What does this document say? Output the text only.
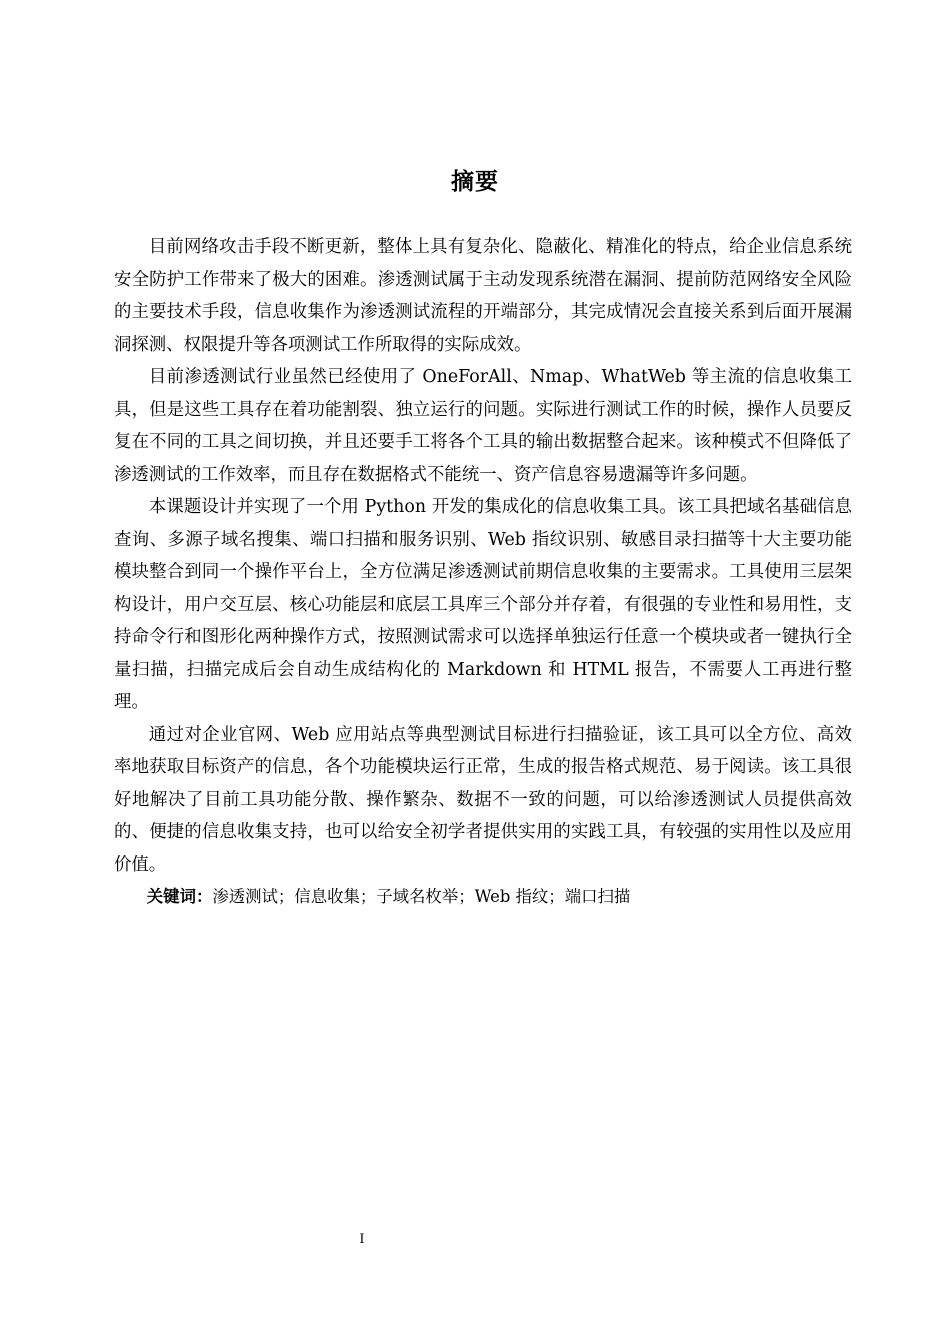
摘要

目前网络攻击手段不断更新，整体上具有复杂化、隐蔽化、精准化的特点，给企业信息系统安全防护工作带来了极大的困难。渗透测试属于主动发现系统潜在漏洞、提前防范网络安全风险的主要技术手段，信息收集作为渗透测试流程的开端部分，其完成情况会直接关系到后面开展漏洞探测、权限提升等各项测试工作所取得的实际成效。

目前渗透测试行业虽然已经使用了 OneForAll、Nmap、WhatWeb 等主流的信息收集工具，但是这些工具存在着功能割裂、独立运行的问题。实际进行测试工作的时候，操作人员要反复在不同的工具之间切换，并且还要手工将各个工具的输出数据整合起来。该种模式不但降低了渗透测试的工作效率，而且存在数据格式不能统一、资产信息容易遗漏等许多问题。

本课题设计并实现了一个用 Python 开发的集成化的信息收集工具。该工具把域名基础信息查询、多源子域名搜集、端口扫描和服务识别、Web 指纹识别、敏感目录扫描等十大主要功能模块整合到同一个操作平台上，全方位满足渗透测试前期信息收集的主要需求。工具使用三层架构设计，用户交互层、核心功能层和底层工具库三个部分并存着，有很强的专业性和易用性，支持命令行和图形化两种操作方式，按照测试需求可以选择单独运行任意一个模块或者一键执行全量扫描，扫描完成后会自动生成结构化的 Markdown 和 HTML 报告，不需要人工再进行整理。

通过对企业官网、Web 应用站点等典型测试目标进行扫描验证，该工具可以全方位、高效率地获取目标资产的信息，各个功能模块运行正常，生成的报告格式规范、易于阅读。该工具很好地解决了目前工具功能分散、操作繁杂、数据不一致的问题，可以给渗透测试人员提供高效的、便捷的信息收集支持，也可以给安全初学者提供实用的实践工具，有较强的实用性以及应用价值。

关键词：渗透测试；信息收集；子域名枚举；Web 指纹；端口扫描

I
